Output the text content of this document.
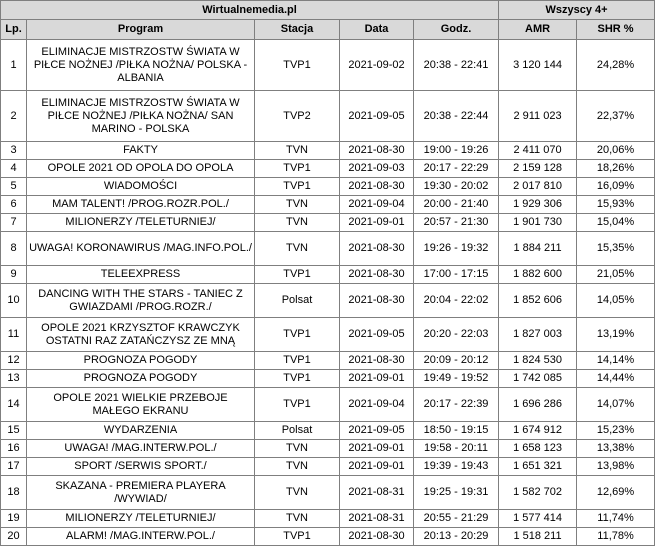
Wirtualnemedia.pl					Wszyscy 4+	
Lp.	Program	Stacja	Data	Godz.	AMR	SHR %
1	ELIMINACJE MISTRZOSTW ŚWIATA W PIŁCE NOŻNEJ /PIŁKA NOŻNA/ POLSKA - ALBANIA	TVP1	2021-09-02	20:38 - 22:41	3 120 144	24,28%
2	ELIMINACJE MISTRZOSTW ŚWIATA W PIŁCE NOŻNEJ /PIŁKA NOŻNA/ SAN MARINO - POLSKA	TVP2	2021-09-05	20:38 - 22:44	2 911 023	22,37%
3	FAKTY	TVN	2021-08-30	19:00 - 19:26	2 411 070	20,06%
4	OPOLE 2021 OD OPOLA DO OPOLA	TVP1	2021-09-03	20:17 - 22:29	2 159 128	18,26%
5	WIADOMOŚCI	TVP1	2021-08-30	19:30 - 20:02	2 017 810	16,09%
6	MAM TALENT! /PROG.ROZR.POL./	TVN	2021-09-04	20:00 - 21:40	1 929 306	15,93%
7	MILIONERZY /TELETURNIEJ/	TVN	2021-09-01	20:57 - 21:30	1 901 730	15,04%
8	UWAGA! KORONAWIRUS /MAG.INFO.POL./	TVN	2021-08-30	19:26 - 19:32	1 884 211	15,35%
9	TELEEXPRESS	TVP1	2021-08-30	17:00 - 17:15	1 882 600	21,05%
10	DANCING WITH THE STARS - TANIEC Z GWIAZDAMI /PROG.ROZR./	Polsat	2021-08-30	20:04 - 22:02	1 852 606	14,05%
11	OPOLE 2021 KRZYSZTOF KRAWCZYK OSTATNI RAZ ZATAŃCZYSZ ZE MNĄ	TVP1	2021-09-05	20:20 - 22:03	1 827 003	13,19%
12	PROGNOZA POGODY	TVP1	2021-08-30	20:09 - 20:12	1 824 530	14,14%
13	PROGNOZA POGODY	TVP1	2021-09-01	19:49 - 19:52	1 742 085	14,44%
14	OPOLE 2021 WIELKIE PRZEBOJE MAŁEGO EKRANU	TVP1	2021-09-04	20:17 - 22:39	1 696 286	14,07%
15	WYDARZENIA	Polsat	2021-09-05	18:50 - 19:15	1 674 912	15,23%
16	UWAGA! /MAG.INTERW.POL./	TVN	2021-09-01	19:58 - 20:11	1 658 123	13,38%
17	SPORT /SERWIS SPORT./	TVN	2021-09-01	19:39 - 19:43	1 651 321	13,98%
18	SKAZANA - PREMIERA PLAYERA /WYWIAD/	TVN	2021-08-31	19:25 - 19:31	1 582 702	12,69%
19	MILIONERZY /TELETURNIEJ/	TVN	2021-08-31	20:55 - 21:29	1 577 414	11,74%
20	ALARM! /MAG.INTERW.POL./	TVP1	2021-08-30	20:13 - 20:29	1 518 211	11,78%
